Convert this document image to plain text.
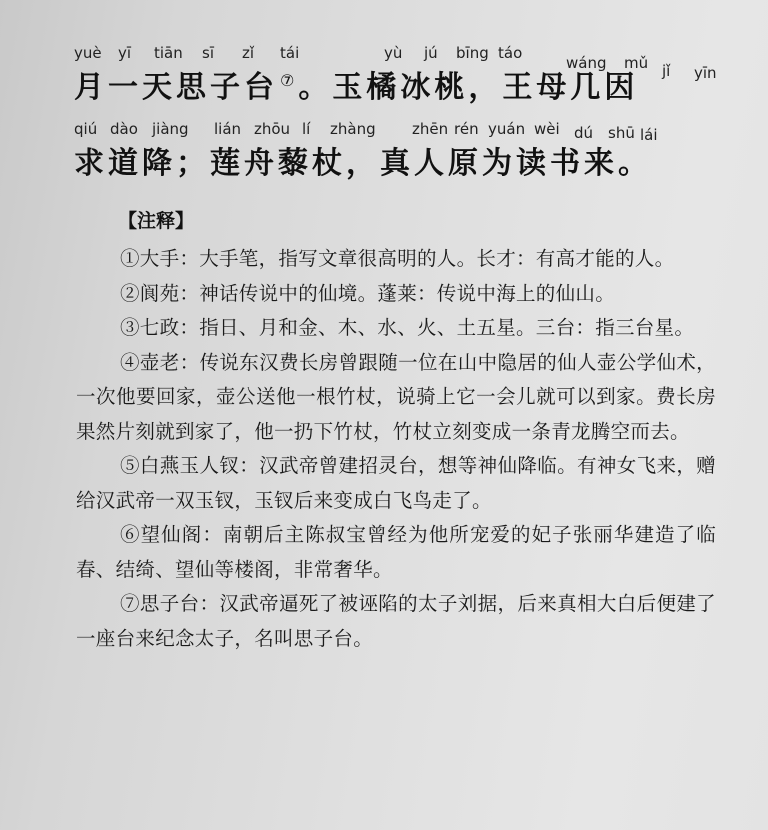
yuè yī tiān sī zǐ tái	yù jú bīng táo
wáng mǔ jǐ yīn
月一天思子台 ⑦。玉橘冰桃，王母几因
qiú dào jiàng lián zhōu lí zhàng zhēn rén yuán wèi dú shū lái
求道降；莲舟藜杖，真人原为读书来。
【注释】

①大手：大手笔，指写文章很高明的人。长才：有高才能的人。

②阆苑：神话传说中的仙境。蓬莱：传说中海上的仙山。

③七政：指日、月和金、木、水、火、土五星。三台：指三台星。

④壶老：传说东汉费长房曾跟随一位在山中隐居的仙人壶公学仙术，一次他要回家，壶公送他一根竹杖，说骑上它一会儿就可以到家。费长房果然片刻就到家了，他一扔下竹杖，竹杖立刻变成一条青龙腾空而去。

⑤白燕玉人钗：汉武帝曾建招灵台，想等神仙降临。有神女飞来，赠给汉武帝一双玉钗，玉钗后来变成白飞鸟走了。

⑥望仙阁：南朝后主陈叔宝曾经为他所宠爱的妃子张丽华建造了临春、结绮、望仙等楼阁，非常奢华。

⑦思子台：汉武帝逼死了被诬陷的太子刘据，后来真相大白后便建了一座台来纪念太子，名叫思子台。
